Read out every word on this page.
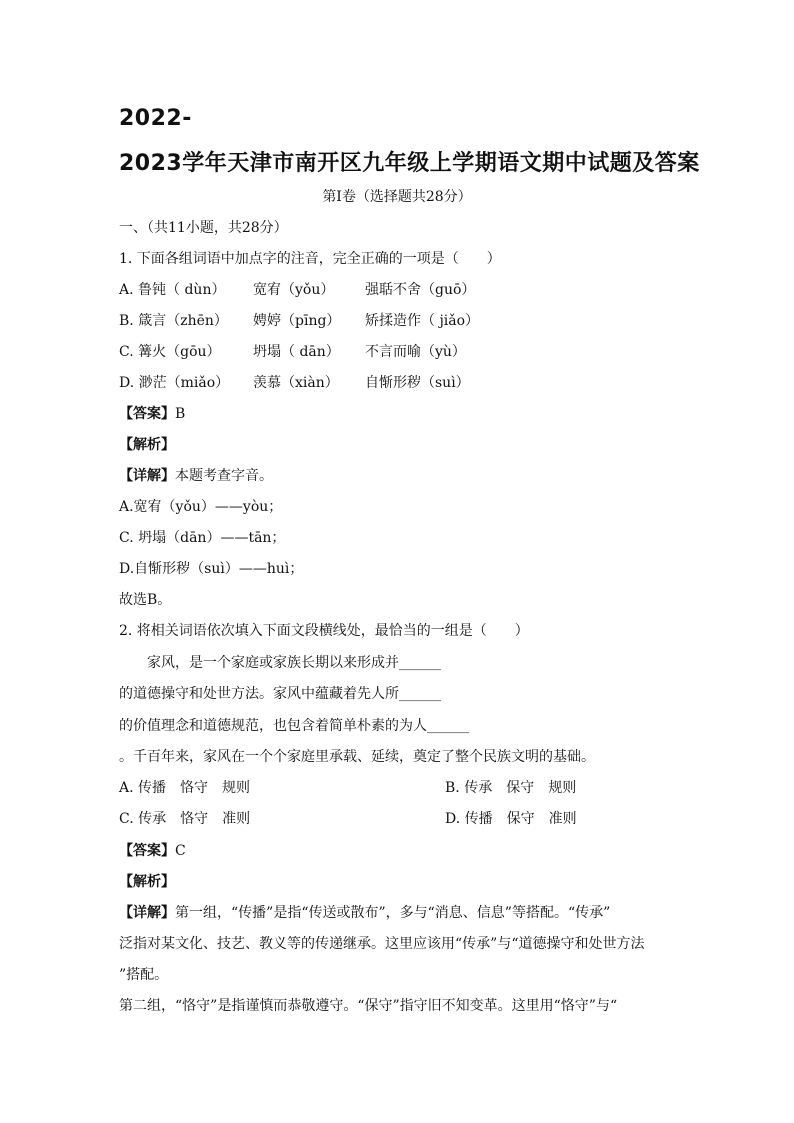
2022-
2023学年天津市南开区九年级上学期语文期中试题及答案
第Ⅰ卷（选择题共28分）
一、（共11小题，共28分）
1. 下面各组词语中加点字的注音，完全正确的一项是（　　）
A. 鲁钝（ dùn） 宽宥（yǒu） 强聒不舍（guō）
B. 箴言（zhēn） 娉婷（pīng） 矫揉造作（ jiǎo）
C. 篝火（gōu） 坍塌（ dān） 不言而喻（yù）
D. 渺茫（miǎo） 羡慕（xiàn） 自惭形秽（suì）
【答案】B
【解析】
【详解】本题考查字音。
A.宽宥（yǒu）——yòu；
C. 坍塌（dān）——tān；
D.自惭形秽（suì）——huì；
故选B。
2. 将相关词语依次填入下面文段横线处，最恰当的一组是（　　）
家风，是一个家庭或家族长期以来形成并______
的道德操守和处世方法。家风中蕴藏着先人所______
的价值理念和道德规范，也包含着简单朴素的为人______
。千百年来，家风在一个个家庭里承载、延续，奠定了整个民族文明的基础。
A. 传播　恪守　规则	B. 传承　保守　规则
C. 传承　恪守　准则	D. 传播　保守　准则
【答案】C
【解析】
【详解】第一组，“传播”是指“传送或散布”，多与“消息、信息”等搭配。“传承”
泛指对某文化、技艺、教义等的传递继承。这里应该用“传承”与“道德操守和处世方法
”搭配。
第二组，“恪守”是指谨慎而恭敬遵守。“保守”指守旧不知变革。这里用“恪守”与“
